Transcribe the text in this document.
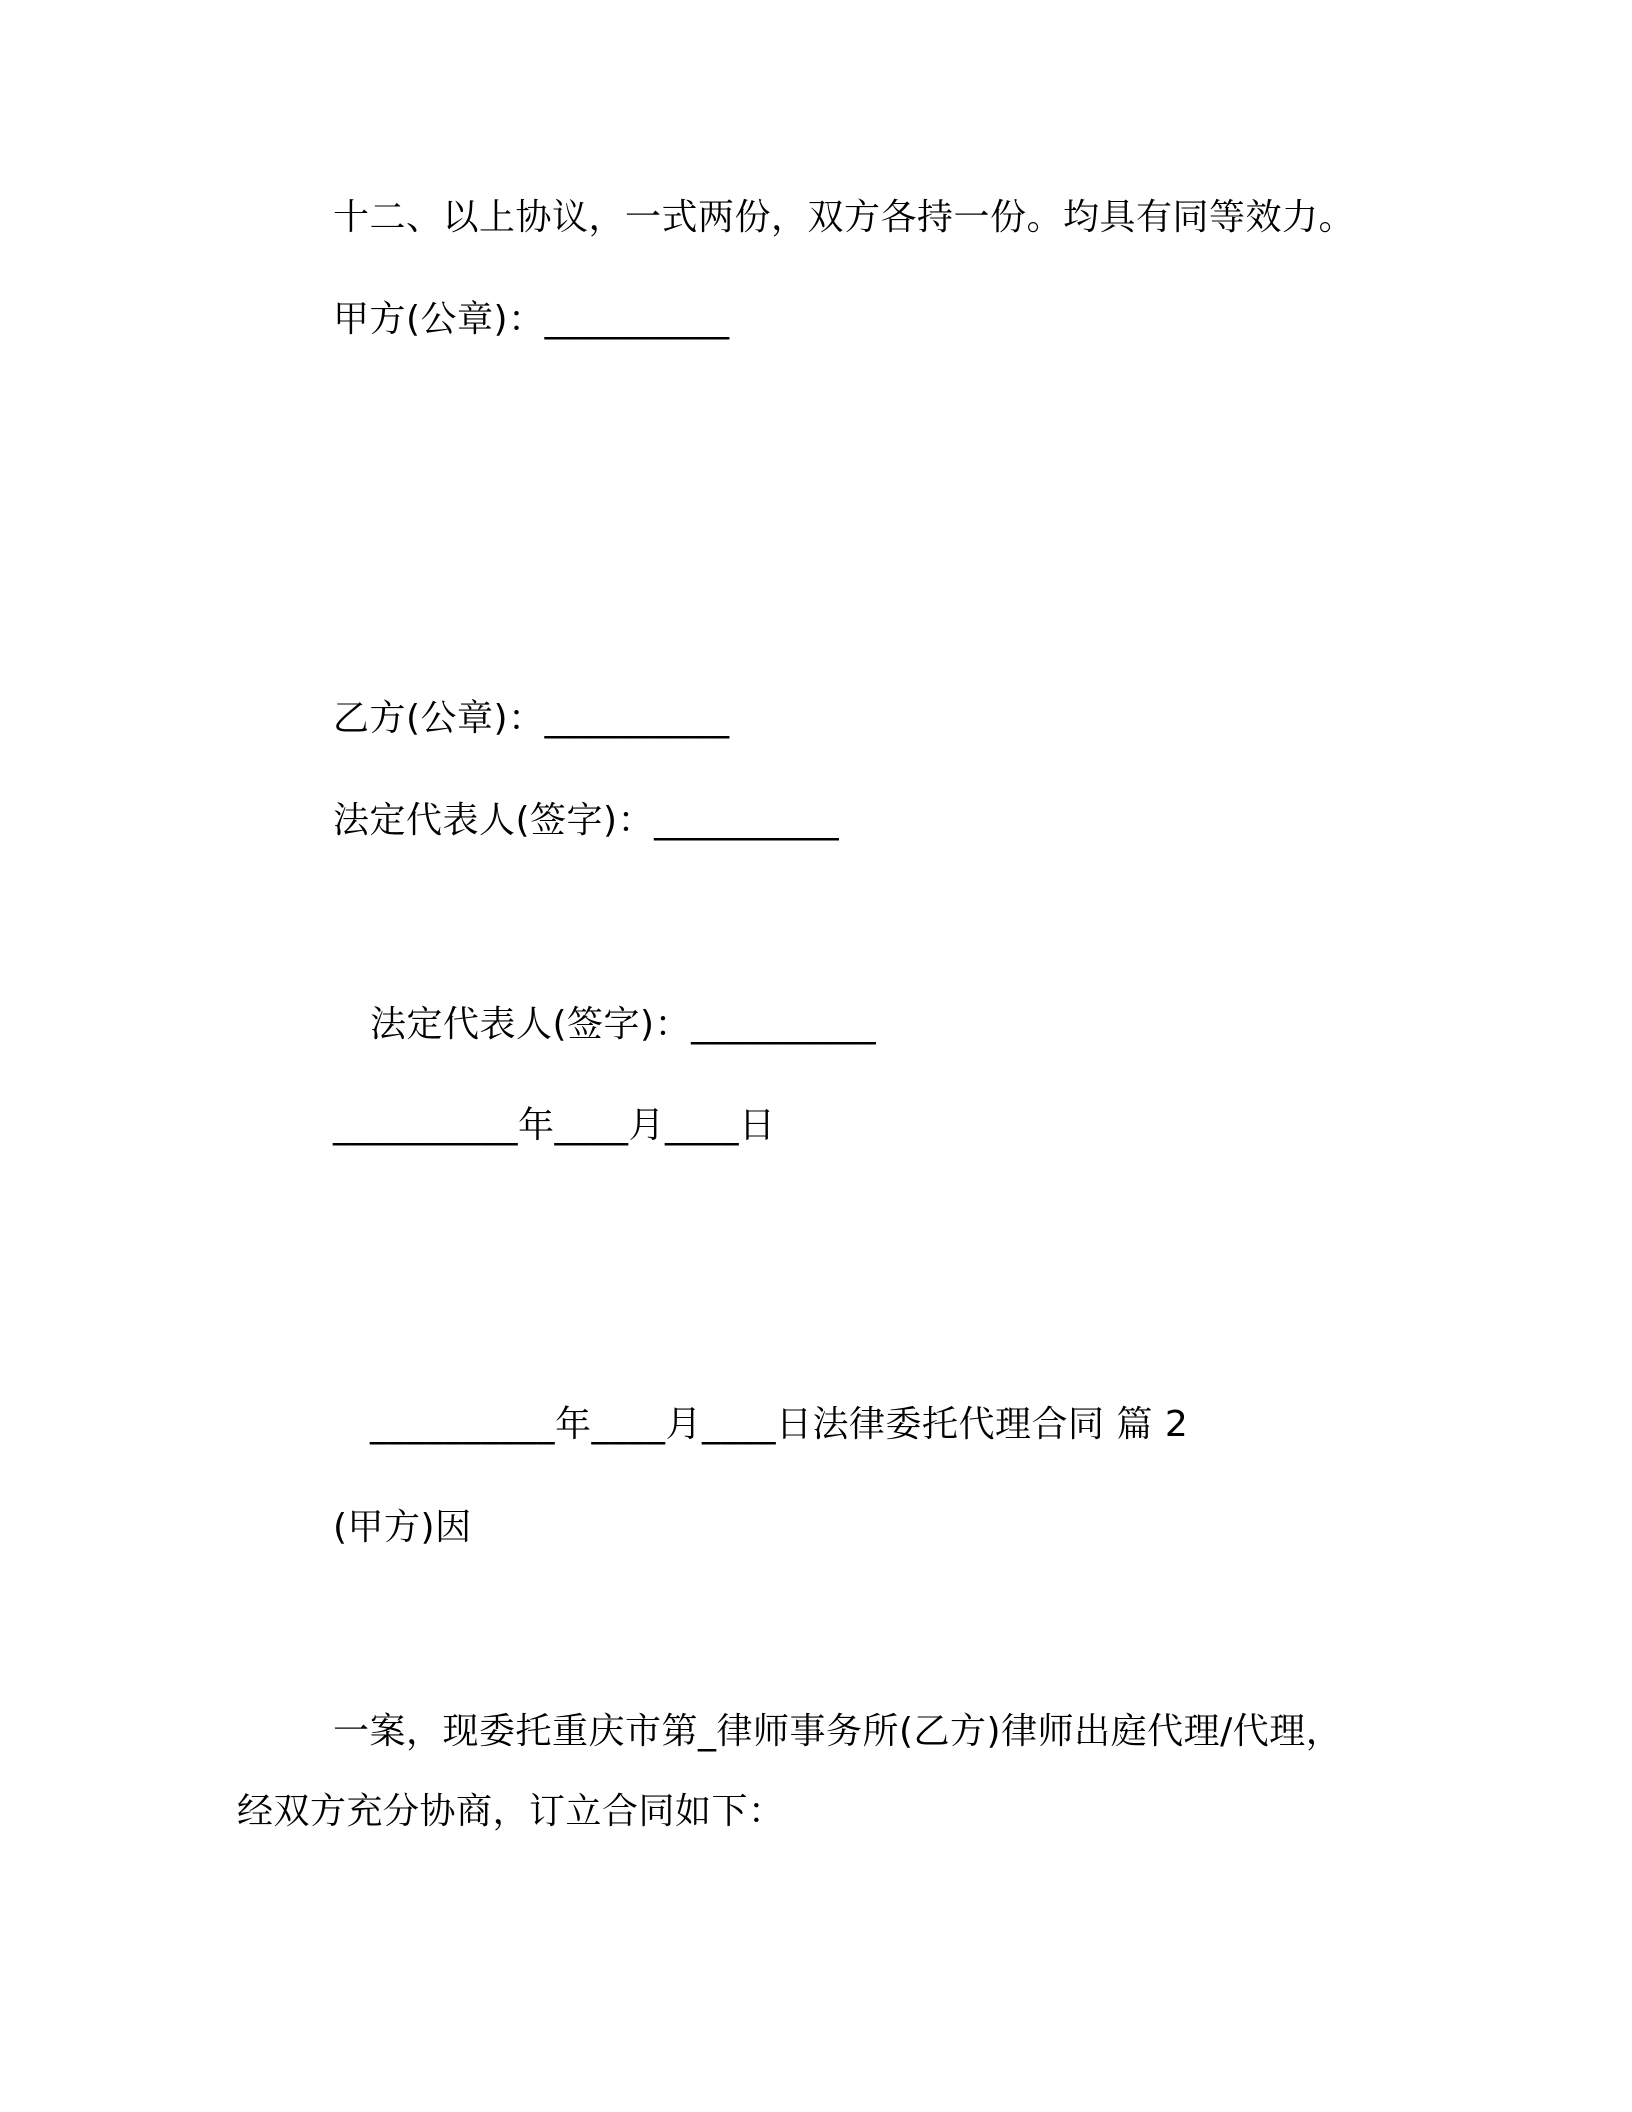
十二、以上协议，一式两份，双方各持一份。均具有同等效力。
甲方(公章)：__________
乙方(公章)：__________
法定代表人(签字)：__________
法定代表人(签字)：__________
__________年____月____日
__________年____月____日法律委托代理合同 篇 2
(甲方)因
一案，现委托重庆市第_律师事务所(乙方)律师出庭代理/代理，
经双方充分协商，订立合同如下：
